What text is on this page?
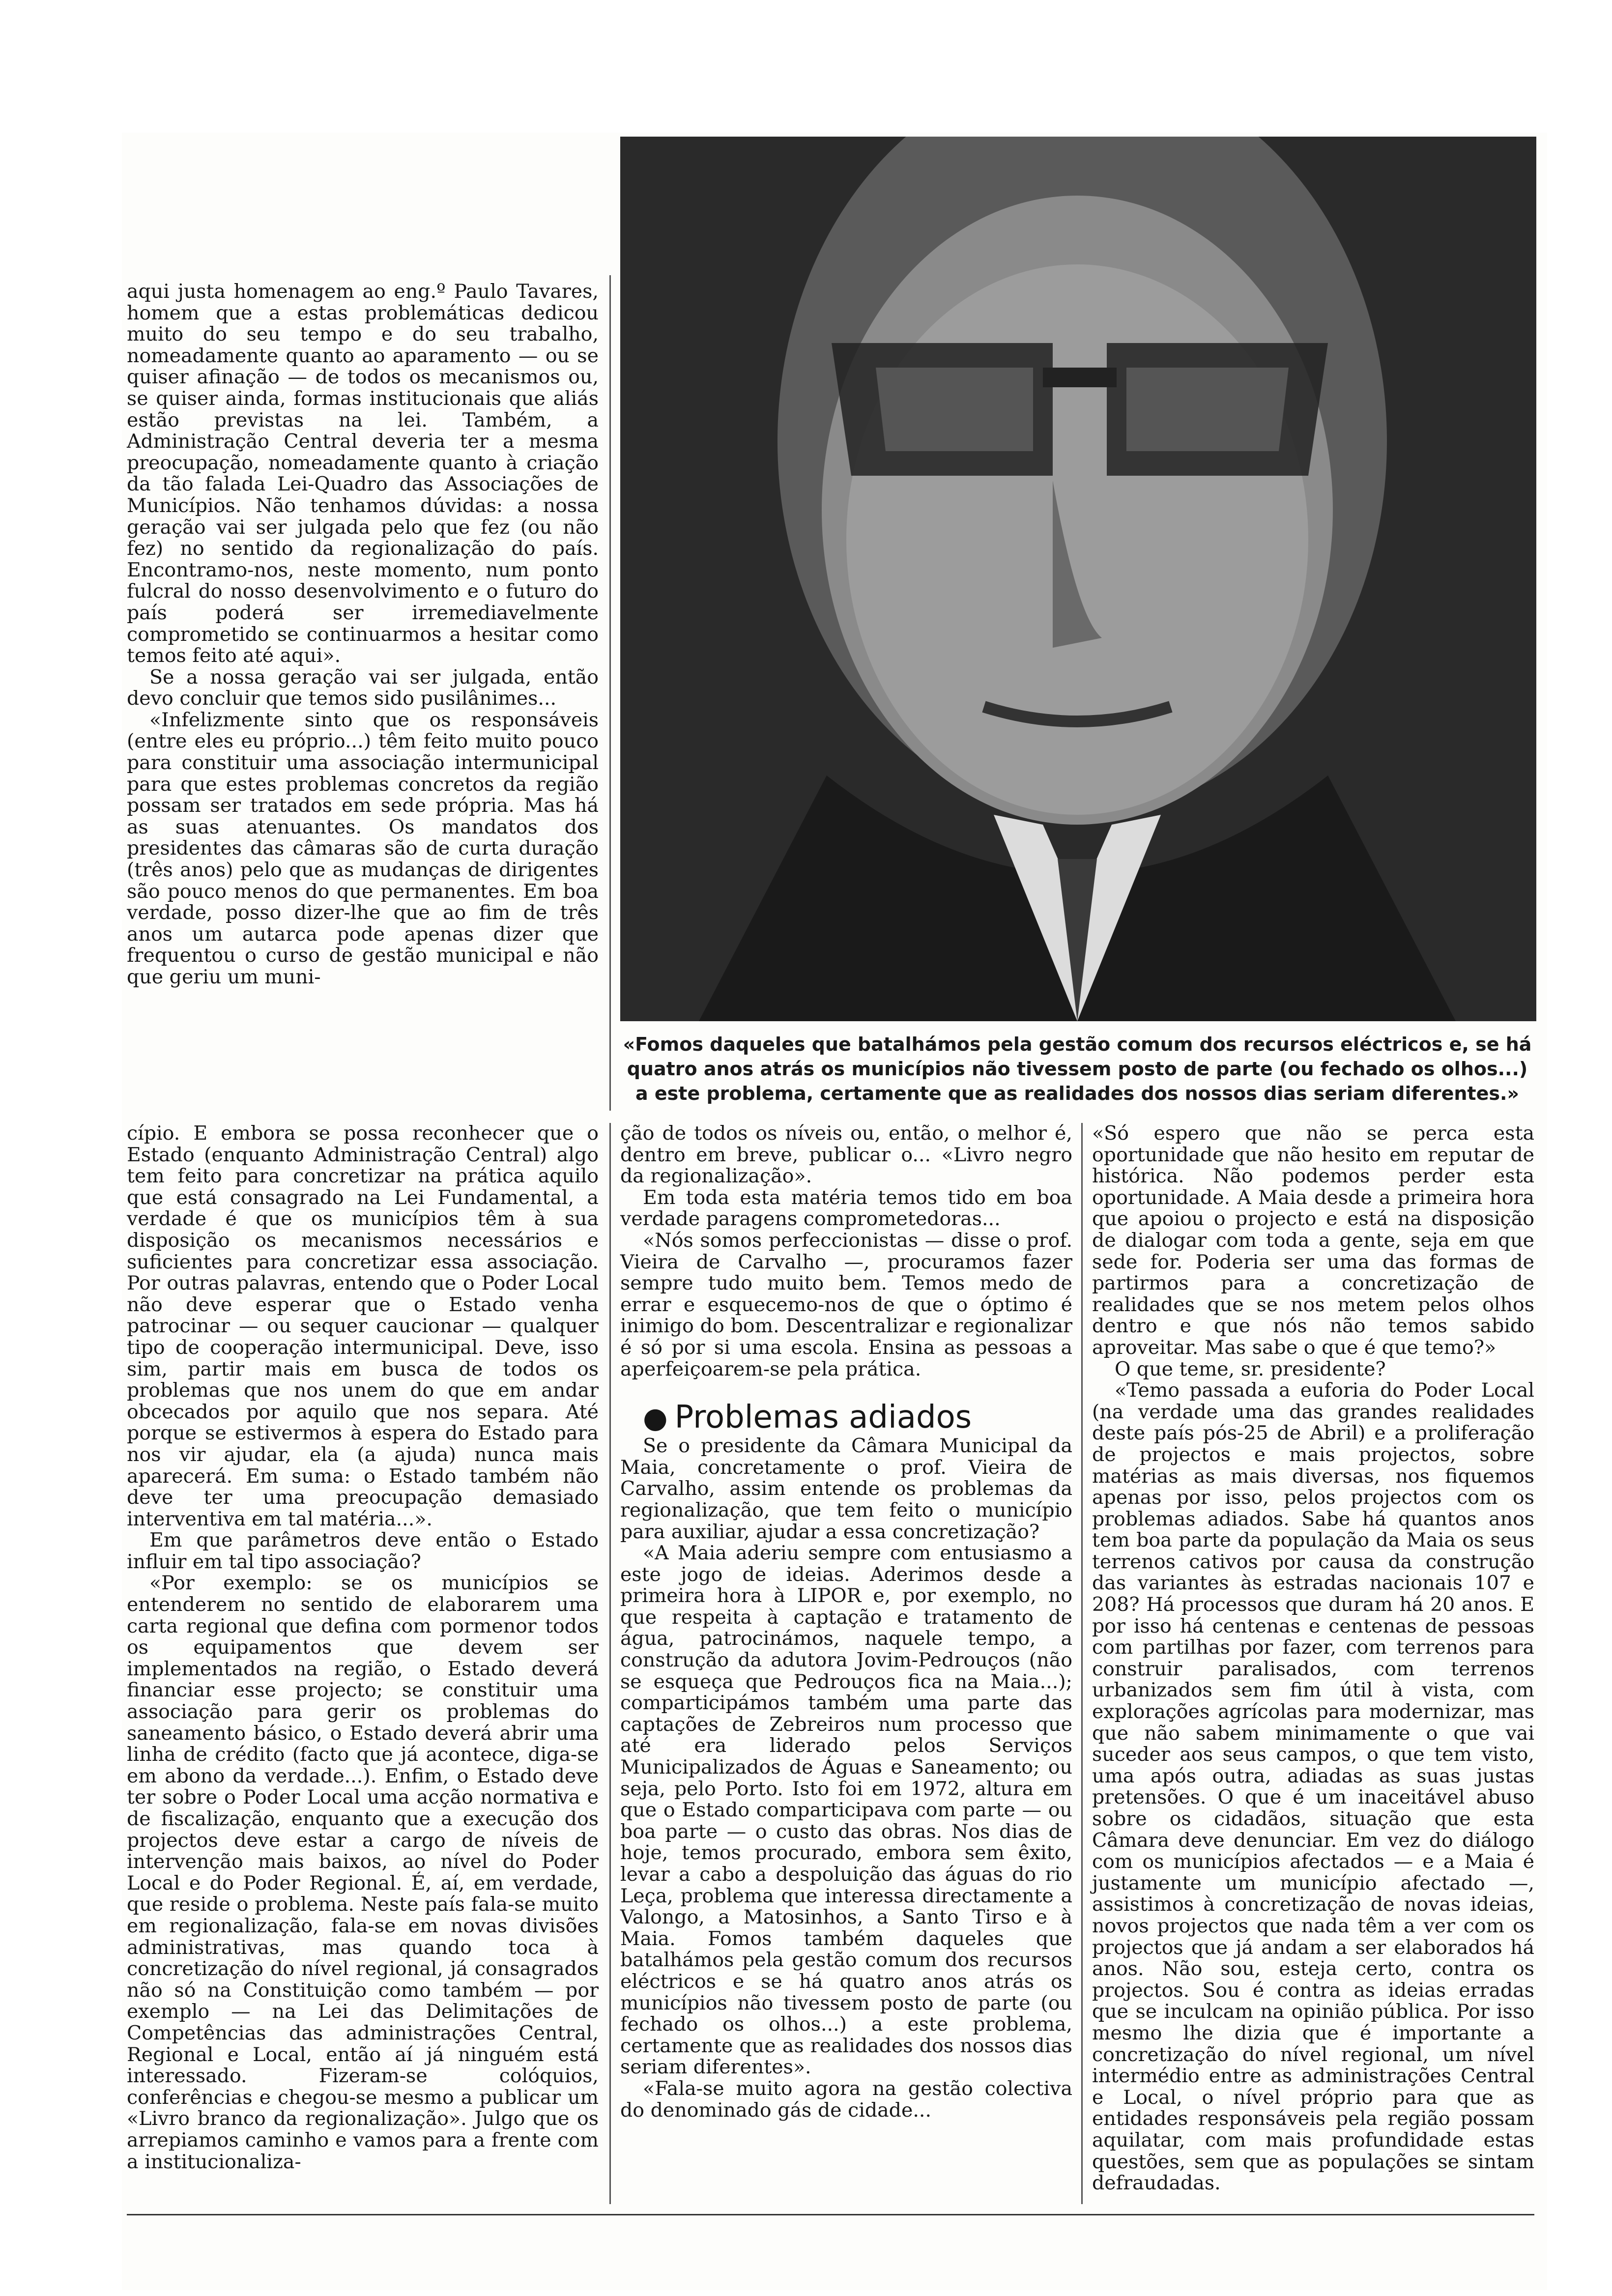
«Fomos daqueles que batalhámos pela gestão comum dos recursos eléctricos e, se há quatro anos atrás os municípios não tivessem posto de parte (ou fechado os olhos...) a este problema, certamente que as realidades dos nossos dias seriam diferentes.»

aqui justa homenagem ao eng.º Paulo Tavares, homem que a estas problemáticas dedicou muito do seu tempo e do seu trabalho, nomeadamente quanto ao aparamento — ou se quiser afinação — de todos os mecanismos ou, se quiser ainda, formas institucionais que aliás estão previstas na lei. Também, a Administração Central deveria ter a mesma preocupação, nomeadamente quanto à criação da tão falada Lei-Quadro das Associações de Municípios. Não tenhamos dúvidas: a nossa geração vai ser julgada pelo que fez (ou não fez) no sentido da regionalização do país. Encontramo-nos, neste momento, num ponto fulcral do nosso desenvolvimento e o futuro do país poderá ser irremediavelmente comprometido se continuarmos a hesitar como temos feito até aqui».

Se a nossa geração vai ser julgada, então devo concluir que temos sido pusilânimes...

«Infelizmente sinto que os responsáveis (entre eles eu próprio...) têm feito muito pouco para constituir uma associação intermunicipal para que estes problemas concretos da região possam ser tratados em sede própria. Mas há as suas atenuantes. Os mandatos dos presidentes das câmaras são de curta duração (três anos) pelo que as mudanças de dirigentes são pouco menos do que permanentes. Em boa verdade, posso dizer-lhe que ao fim de três anos um autarca pode apenas dizer que frequentou o curso de gestão municipal e não que geriu um muni-

cípio. E embora se possa reconhecer que o Estado (enquanto Administração Central) algo tem feito para concretizar na prática aquilo que está consagrado na Lei Fundamental, a verdade é que os municípios têm à sua disposição os mecanismos necessários e suficientes para concretizar essa associação. Por outras palavras, entendo que o Poder Local não deve esperar que o Estado venha patrocinar — ou sequer caucionar — qualquer tipo de cooperação intermunicipal. Deve, isso sim, partir mais em busca de todos os problemas que nos unem do que em andar obcecados por aquilo que nos separa. Até porque se estivermos à espera do Estado para nos vir ajudar, ela (a ajuda) nunca mais aparecerá. Em suma: o Estado também não deve ter uma preocupação demasiado interventiva em tal matéria...».

Em que parâmetros deve então o Estado influir em tal tipo associação?

«Por exemplo: se os municípios se entenderem no sentido de elaborarem uma carta regional que defina com pormenor todos os equipamentos que devem ser implementados na região, o Estado deverá financiar esse projecto; se constituir uma associação para gerir os problemas do saneamento básico, o Estado deverá abrir uma linha de crédito (facto que já acontece, diga-se em abono da verdade...). Enfim, o Estado deve ter sobre o Poder Local uma acção normativa e de fiscalização, enquanto que a execução dos projectos deve estar a cargo de níveis de intervenção mais baixos, ao nível do Poder Local e do Poder Regional. É, aí, em verdade, que reside o problema. Neste país fala-se muito em regionalização, fala-se em novas divisões administrativas, mas quando toca à concretização do nível regional, já consagrados não só na Constituição como também — por exemplo — na Lei das Delimitações de Competências das administrações Central, Regional e Local, então aí já ninguém está interessado. Fizeram-se colóquios, conferências e chegou-se mesmo a publicar um «Livro branco da regionalização». Julgo que os arrepiamos caminho e vamos para a frente com a institucionaliza-

ção de todos os níveis ou, então, o melhor é, dentro em breve, publicar o... «Livro negro da regionalização».

Em toda esta matéria temos tido em boa verdade paragens comprometedoras...

«Nós somos perfeccionistas — disse o prof. Vieira de Carvalho —, procuramos fazer sempre tudo muito bem. Temos medo de errar e esquecemo-nos de que o óptimo é inimigo do bom. Descentralizar e regionalizar é só por si uma escola. Ensina as pessoas a aperfeiçoarem-se pela prática.

● Problemas adiados

Se o presidente da Câmara Municipal da Maia, concretamente o prof. Vieira de Carvalho, assim entende os problemas da regionalização, que tem feito o município para auxiliar, ajudar a essa concretização?

«A Maia aderiu sempre com entusiasmo a este jogo de ideias. Aderimos desde a primeira hora à LIPOR e, por exemplo, no que respeita à captação e tratamento de água, patrocinámos, naquele tempo, a construção da adutora Jovim-Pedrouços (não se esqueça que Pedrouços fica na Maia...); comparticipámos também uma parte das captações de Zebreiros num processo que até era liderado pelos Serviços Municipalizados de Águas e Saneamento; ou seja, pelo Porto. Isto foi em 1972, altura em que o Estado comparticipava com parte — ou boa parte — o custo das obras. Nos dias de hoje, temos procurado, embora sem êxito, levar a cabo a despoluição das águas do rio Leça, problema que interessa directamente a Valongo, a Matosinhos, a Santo Tirso e à Maia. Fomos também daqueles que batalhámos pela gestão comum dos recursos eléctricos e se há quatro anos atrás os municípios não tivessem posto de parte (ou fechado os olhos...) a este problema, certamente que as realidades dos nossos dias seriam diferentes».

«Fala-se muito agora na gestão colectiva do denominado gás de cidade...

«Só espero que não se perca esta oportunidade que não hesito em reputar de histórica. Não podemos perder esta oportunidade. A Maia desde a primeira hora que apoiou o projecto e está na disposição de dialogar com toda a gente, seja em que sede for. Poderia ser uma das formas de partirmos para a concretização de realidades que se nos metem pelos olhos dentro e que nós não temos sabido aproveitar. Mas sabe o que é que temo?»

O que teme, sr. presidente?

«Temo passada a euforia do Poder Local (na verdade uma das grandes realidades deste país pós-25 de Abril) e a proliferação de projectos e mais projectos, sobre matérias as mais diversas, nos fiquemos apenas por isso, pelos projectos com os problemas adiados. Sabe há quantos anos tem boa parte da população da Maia os seus terrenos cativos por causa da construção das variantes às estradas nacionais 107 e 208? Há processos que duram há 20 anos. E por isso há centenas e centenas de pessoas com partilhas por fazer, com terrenos para construir paralisados, com terrenos urbanizados sem fim útil à vista, com explorações agrícolas para modernizar, mas que não sabem minimamente o que vai suceder aos seus campos, o que tem visto, uma após outra, adiadas as suas justas pretensões. O que é um inaceitável abuso sobre os cidadãos, situação que esta Câmara deve denunciar. Em vez do diálogo com os municípios afectados — e a Maia é justamente um município afectado —, assistimos à concretização de novas ideias, novos projectos que nada têm a ver com os projectos que já andam a ser elaborados há anos. Não sou, esteja certo, contra os projectos. Sou é contra as ideias erradas que se inculcam na opinião pública. Por isso mesmo lhe dizia que é importante a concretização do nível regional, um nível intermédio entre as administrações Central e Local, o nível próprio para que as entidades responsáveis pela região possam aquilatar, com mais profundidade estas questões, sem que as populações se sintam defraudadas.
